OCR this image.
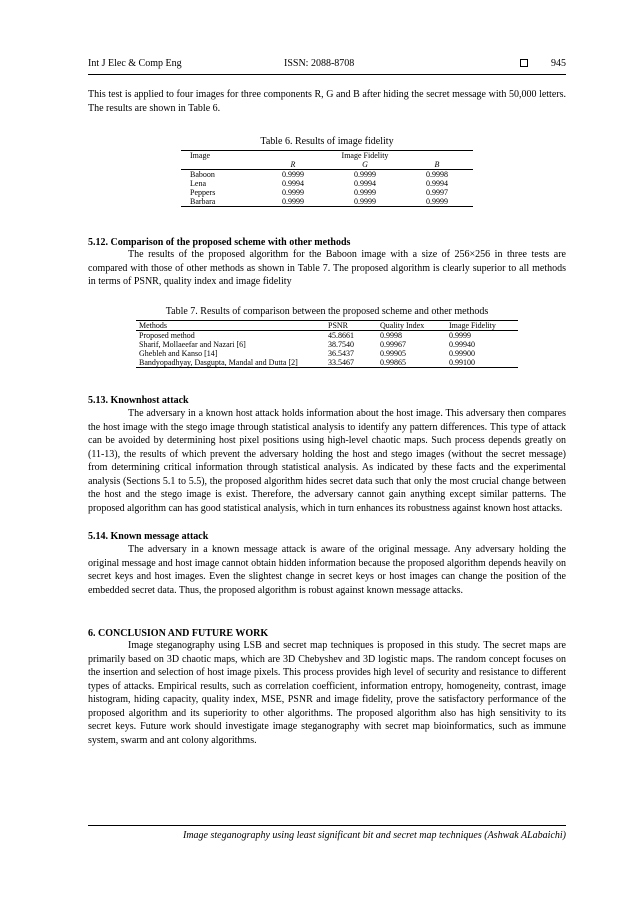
Int J Elec & Comp Eng	ISSN: 2088-8708	945

This test is applied to four images for three components R, G and B after hiding the secret message with 50,000 letters. The results are shown in Table 6.

Table 6. Results of image fidelity
Image	Image Fidelity		
	R	G	B
Baboon	0.9999	0.9999	0.9998
Lena	0.9994	0.9994	0.9994
Peppers	0.9999	0.9999	0.9997
Barbara	0.9999	0.9999	0.9999

5.12. Comparison of the proposed scheme with other methods

The results of the proposed algorithm for the Baboon image with a size of 256×256 in three tests are compared with those of other methods as shown in Table 7. The proposed algorithm is clearly superior to all methods in terms of PSNR, quality index and image fidelity

Table 7. Results of comparison between the proposed scheme and other methods
Methods	PSNR	Quality Index	Image Fidelity
Proposed method	45.8661	0.9998	0.9999
Sharif, Mollaeefar and Nazari [6]	38.7540	0.99967	0.99940
Ghebleh and Kanso [14]	36.5437	0.99905	0.99900
Bandyopadhyay, Dasgupta, Mandal and Dutta [2]	33.5467	0.99865	0.99100

5.13. Knownhost attack

The adversary in a known host attack holds information about the host image. This adversary then compares the host image with the stego image through statistical analysis to identify any pattern differences. This type of attack can be avoided by determining host pixel positions using high-level chaotic maps. Such process depends greatly on (11-13), the results of which prevent the adversary holding the host and stego images (without the secret message) from determining critical information through statistical analysis. As indicated by these facts and the experimental analysis (Sections 5.1 to 5.5), the proposed algorithm hides secret data such that only the most crucial change between the host and the stego image is exist. Therefore, the adversary cannot gain anything except similar patterns. The proposed algorithm can has good statistical analysis, which in turn enhances its robustness against known host attacks.

5.14. Known message attack

The adversary in a known message attack is aware of the original message. Any adversary holding the original message and host image cannot obtain hidden information because the proposed algorithm depends heavily on secret keys and host images. Even the slightest change in secret keys or host images can change the position of the embedded secret data. Thus, the proposed algorithm is robust against known message attacks.

6. CONCLUSION AND FUTURE WORK

Image steganography using LSB and secret map techniques is proposed in this study. The secret maps are primarily based on 3D chaotic maps, which are 3D Chebyshev and 3D logistic maps. The random concept focuses on the insertion and selection of host image pixels. This process provides high level of security and resistance to different types of attacks. Empirical results, such as correlation coefficient, information entropy, homogeneity, contrast, image histogram, hiding capacity, quality index, MSE, PSNR and image fidelity, prove the satisfactory performance of the proposed algorithm and its superiority to other algorithms. The proposed algorithm also has high sensitivity to its secret keys. Future work should investigate image steganography with secret map bioinformatics, such as immune system, swarm and ant colony algorithms.

Image steganography using least significant bit and secret map techniques (Ashwak ALabaichi)
